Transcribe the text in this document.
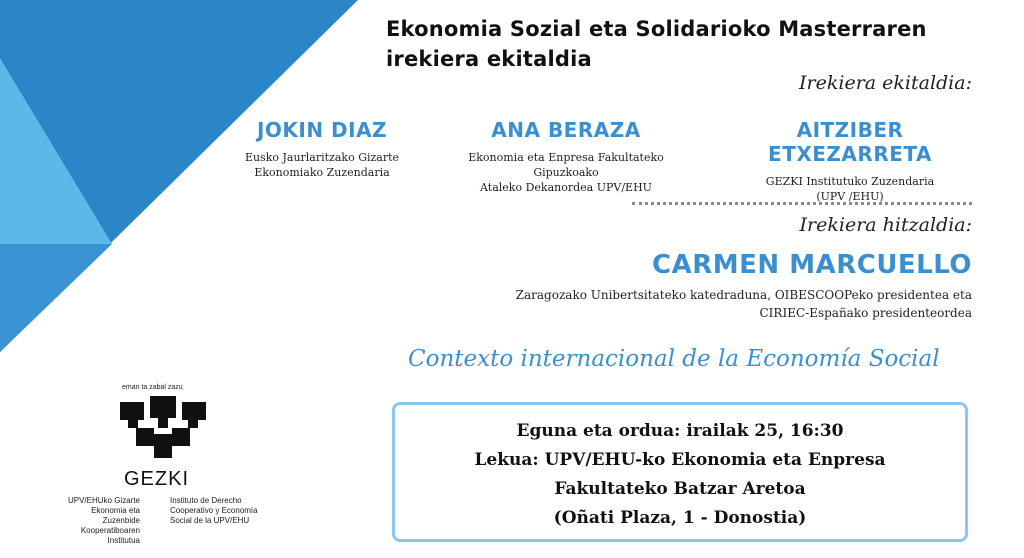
Ekonomia Sozial eta Solidarioko Masterraren
irekiera ekitaldia
Irekiera ekitaldia:
JOKIN DIAZ
Eusko Jaurlaritzako Gizarte
Ekonomiako Zuzendaria
ANA BERAZA
Ekonomia eta Enpresa Fakultateko Gipuzkoako
Ataleko Dekanordea UPV/EHU
AITZIBER ETXEZARRETA
GEZKI Institutuko Zuzendaria
(UPV /EHU)
Irekiera hitzaldia:
CARMEN MARCUELLO
Zaragozako Unibertsitateko katedraduna, OIBESCOOPeko presidentea eta
CIRIEC-Españako presidenteordea
Contexto internacional de la Economía Social
Eguna eta ordua: irailak 25, 16:30
Lekua: UPV/EHU-ko Ekonomia eta Enpresa
Fakultateko Batzar Aretoa
(Oñati Plaza, 1 - Donostia)
eman ta zabal zazu
GEZKI
UPV/EHUko Gizarte
Ekonomia eta Zuzenbide
Kooperatiboaren Institutua
Instituto de Derecho
Cooperativo y Economía
Social de la UPV/EHU
